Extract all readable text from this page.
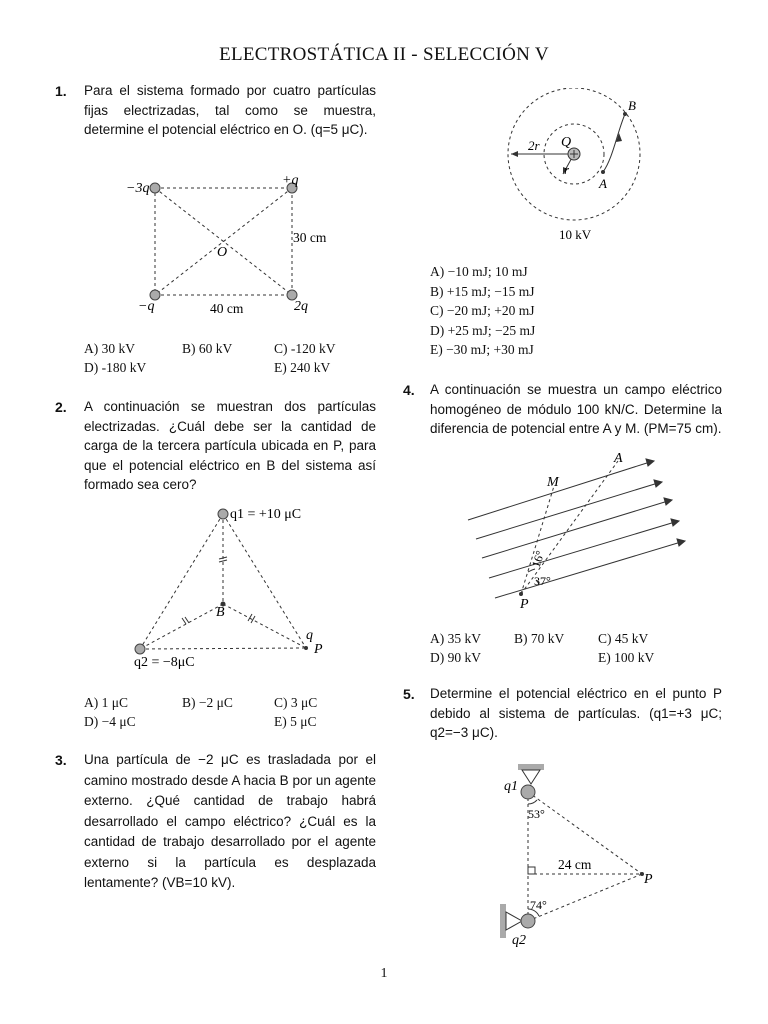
ELECTROSTÁTICA II - SELECCIÓN V
1. Para el sistema formado por cuatro partículas fijas electrizadas, tal como se muestra, determine el potencial eléctrico en O. (q=5 μC).
−3q
+q
−q	2q
O
30 cm
40 cm
A) 30 kV	B) 60 kV	C) -120 kV
D) -180 kV	E) 240 kV
2. A continuación se muestran dos partículas electrizadas. ¿Cuál debe ser la cantidad de carga de la tercera partícula ubicada en P, para que el potencial eléctrico en B del sistema así formado sea cero?
q1 = +10 μC
q2 = −8μC
B
q
P
A) 1 μC	B) −2 μC	C) 3 μC
D) −4 μC	E) 5 μC
3. Una partícula de −2 μC es trasladada por el camino mostrado desde A hacia B por un agente externo. ¿Qué cantidad de trabajo habrá desarrollado el campo eléctrico? ¿Cuál es la cantidad de trabajo desarrollado por el agente externo si la partícula es desplazada lentamente? (VB=10 kV).
Q
2r
r
A
B
10 kV
A) −10 mJ; 10 mJ
B) +15 mJ; −15 mJ
C) −20 mJ; +20 mJ
D) +25 mJ; −25 mJ
E) −30 mJ; +30 mJ
4. A continuación se muestra un campo eléctrico homogéneo de módulo 100 kN/C. Determine la diferencia de potencial entre A y M. (PM=75 cm).
A
M
P
16°
37°
A) 35 kV	B) 70 kV	C) 45 kV
D) 90 kV	E) 100 kV
5. Determine el potencial eléctrico en el punto P debido al sistema de partículas. (q1=+3 μC; q2=−3 μC).
q1
q2
53°
74°
24 cm
P
1
